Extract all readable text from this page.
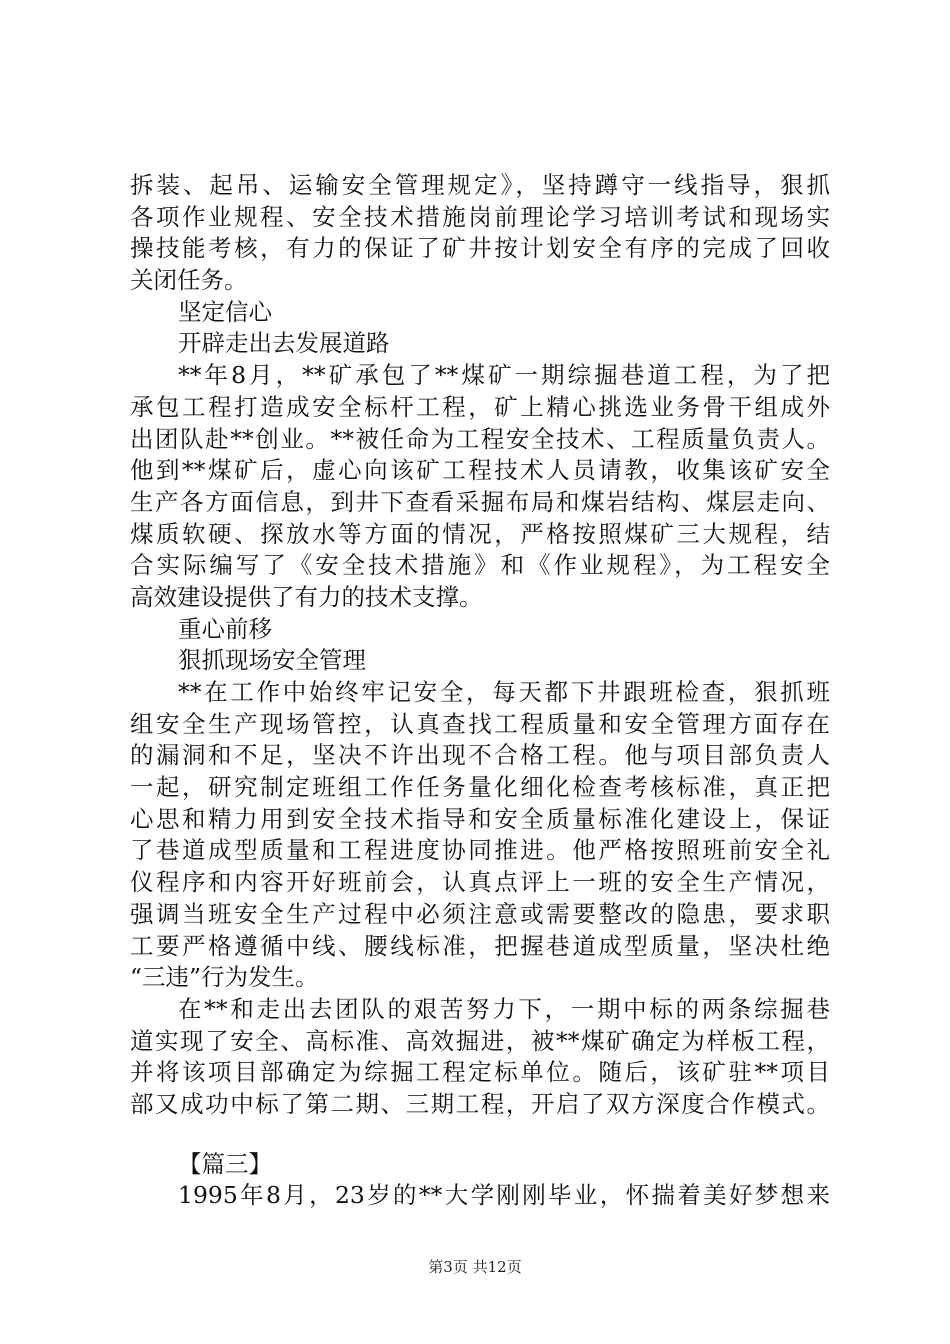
拆装、起吊、运输安全管理规定》，坚持蹲守一线指导，狠抓
各项作业规程、安全技术措施岗前理论学习培训考试和现场实
操技能考核，有力的保证了矿井按计划安全有序的完成了回收
关闭任务。
坚定信心
开辟走出去发展道路
**年8月，**矿承包了**煤矿一期综掘巷道工程，为了把
承包工程打造成安全标杆工程，矿上精心挑选业务骨干组成外
出团队赴**创业。**被任命为工程安全技术、工程质量负责人。
他到**煤矿后，虚心向该矿工程技术人员请教，收集该矿安全
生产各方面信息，到井下查看采掘布局和煤岩结构、煤层走向、
煤质软硬、探放水等方面的情况，严格按照煤矿三大规程，结
合实际编写了《安全技术措施》和《作业规程》，为工程安全
高效建设提供了有力的技术支撑。
重心前移
狠抓现场安全管理
**在工作中始终牢记安全，每天都下井跟班检查，狠抓班
组安全生产现场管控，认真查找工程质量和安全管理方面存在
的漏洞和不足，坚决不许出现不合格工程。他与项目部负责人
一起，研究制定班组工作任务量化细化检查考核标准，真正把
心思和精力用到安全技术指导和安全质量标准化建设上，保证
了巷道成型质量和工程进度协同推进。他严格按照班前安全礼
仪程序和内容开好班前会，认真点评上一班的安全生产情况，
强调当班安全生产过程中必须注意或需要整改的隐患，要求职
工要严格遵循中线、腰线标准，把握巷道成型质量，坚决杜绝
“三违”行为发生。
在**和走出去团队的艰苦努力下，一期中标的两条综掘巷
道实现了安全、高标准、高效掘进，被**煤矿确定为样板工程，
并将该项目部确定为综掘工程定标单位。随后，该矿驻**项目
部又成功中标了第二期、三期工程，开启了双方深度合作模式。
【篇三】
1995年8月，23岁的**大学刚刚毕业，怀揣着美好梦想来
第3页 共12页
